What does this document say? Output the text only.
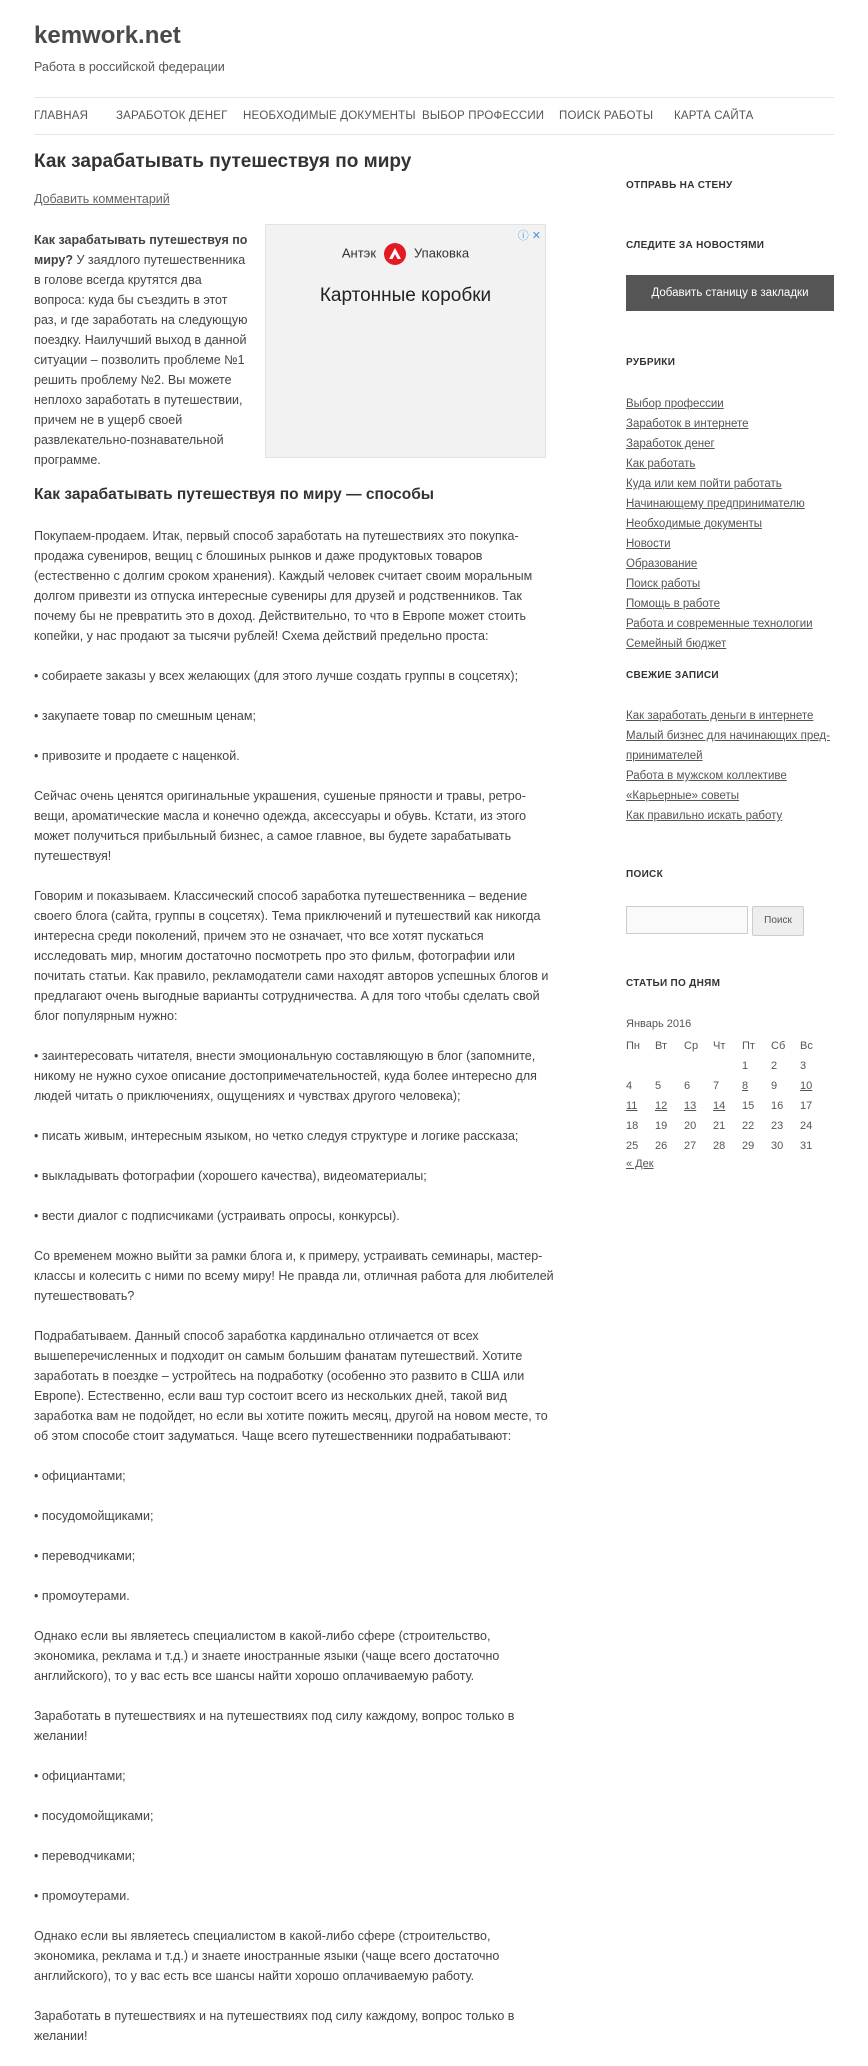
kemwork.net
Работа в российской федерации
ГЛАВНАЯ ЗАРАБОТОК ДЕНЕГ НЕОБХОДИМЫЕ ДОКУМЕНТЫ ВЫБОР ПРОФЕССИИ ПОИСК РАБОТЫ КАРТА САЙТА
Как зарабатывать путешествуя по миру
Добавить комментарий
Как зарабатывать путешествуя по миру? У заядлого путешественника в голове всегда крутятся два вопроса: куда бы съездить в этот раз, и где заработать на следующую поездку. Наилучший выход в данной ситуации – позволить проблеме №1 решить проблему №2. Вы можете неплохо заработать в путешествии, причем не в ущерб своей развлекательно-познавательной программе.
ⓘ ✕
Антэк	Упаковка
Картонные коробки
Как зарабатывать путешествуя по миру — способы
Покупаем-продаем. Итак, первый способ заработать на путешествиях это покупка-продажа сувениров, вещиц с блошиных рынков и даже продуктовых товаров (естественно с долгим сроком хранения). Каждый человек считает своим моральным долгом привезти из отпуска интересные сувениры для друзей и родственников. Так почему бы не превратить это в доход. Действительно, то что в Европе может стоить копейки, у нас продают за тысячи рублей! Схема действий предельно проста:
• собираете заказы у всех желающих (для этого лучше создать группы в соцсетях);
• закупаете товар по смешным ценам;
• привозите и продаете с наценкой.
Сейчас очень ценятся оригинальные украшения, сушеные пряности и травы, ретро-вещи, ароматические масла и конечно одежда, аксессуары и обувь. Кстати, из этого может получиться прибыльный бизнес, а самое главное, вы будете зарабатывать путешествуя!
Говорим и показываем. Классический способ заработка путешественника – ведение своего блога (сайта, группы в соцсетях). Тема приключений и путешествий как никогда интересна среди поколений, причем это не означает, что все хотят пускаться исследовать мир, многим достаточно посмотреть про это фильм, фотографии или почитать статьи. Как правило, рекламодатели сами находят авторов успешных блогов и предлагают очень выгодные варианты сотрудничества. А для того чтобы сделать свой блог популярным нужно:
• заинтересовать читателя, внести эмоциональную составляющую в блог (запомните, никому не нужно сухое описание достопримечательностей, куда более интересно для людей читать о приключениях, ощущениях и чувствах другого человека);
• писать живым, интересным языком, но четко следуя структуре и логике рассказа;
• выкладывать фотографии (хорошего качества), видеоматериалы;
• вести диалог с подписчиками (устраивать опросы, конкурсы).
Со временем можно выйти за рамки блога и, к примеру, устраивать семинары, мастер-классы и колесить с ними по всему миру! Не правда ли, отличная работа для любителей путешествовать?
Подрабатываем. Данный способ заработка кардинально отличается от всех вышеперечисленных и подходит он самым большим фанатам путешествий. Хотите заработать в поездке – устройтесь на подработку (особенно это развито в США или Европе). Естественно, если ваш тур состоит всего из нескольких дней, такой вид заработка вам не подойдет, но если вы хотите пожить месяц, другой на новом месте, то об этом способе стоит задуматься. Чаще всего путешественники подрабатывают:
• официантами;
• посудомойщиками;
• переводчиками;
• промоутерами.
Однако если вы являетесь специалистом в какой-либо сфере (строительство, экономика, реклама и т.д.) и знаете иностранные языки (чаще всего достаточно английского), то у вас есть все шансы найти хорошо оплачиваемую работу.
Заработать в путешествиях и на путешествиях под силу каждому, вопрос только в желании!
• официантами;
• посудомойщиками;
• переводчиками;
• промоутерами.
Однако если вы являетесь специалистом в какой-либо сфере (строительство, экономика, реклама и т.д.) и знаете иностранные языки (чаще всего достаточно английского), то у вас есть все шансы найти хорошо оплачиваемую работу.
Заработать в путешествиях и на путешествиях под силу каждому, вопрос только в желании!
ОТПРАВЬ НА СТЕНУ
СЛЕДИТЕ ЗА НОВОСТЯМИ
Добавить станицу в закладки
РУБРИКИ
Выбор профессии
Заработок в интернете
Заработок денег
Как работать
Куда или кем пойти работать
Начинающему предпринимателю
Необходимые документы
Новости
Образование
Поиск работы
Помощь в работе
Работа и современные технологии
Семейный бюджет
СВЕЖИЕ ЗАПИСИ
Как заработать деньги в интернете
Малый бизнес для начинающих пред-
принимателей
Работа в мужском коллективе
«Карьерные» советы
Как правильно искать работу
ПОИСК
Поиск
СТАТЬИ ПО ДНЯМ
Январь 2016
Пн	Вт	Ср	Чт	Пт	Сб	Вс
				1	2	3
4	5	6	7	8	9	10
11	12	13	14	15	16	17
18	19	20	21	22	23	24
25	26	27	28	29	30	31
« Дек
